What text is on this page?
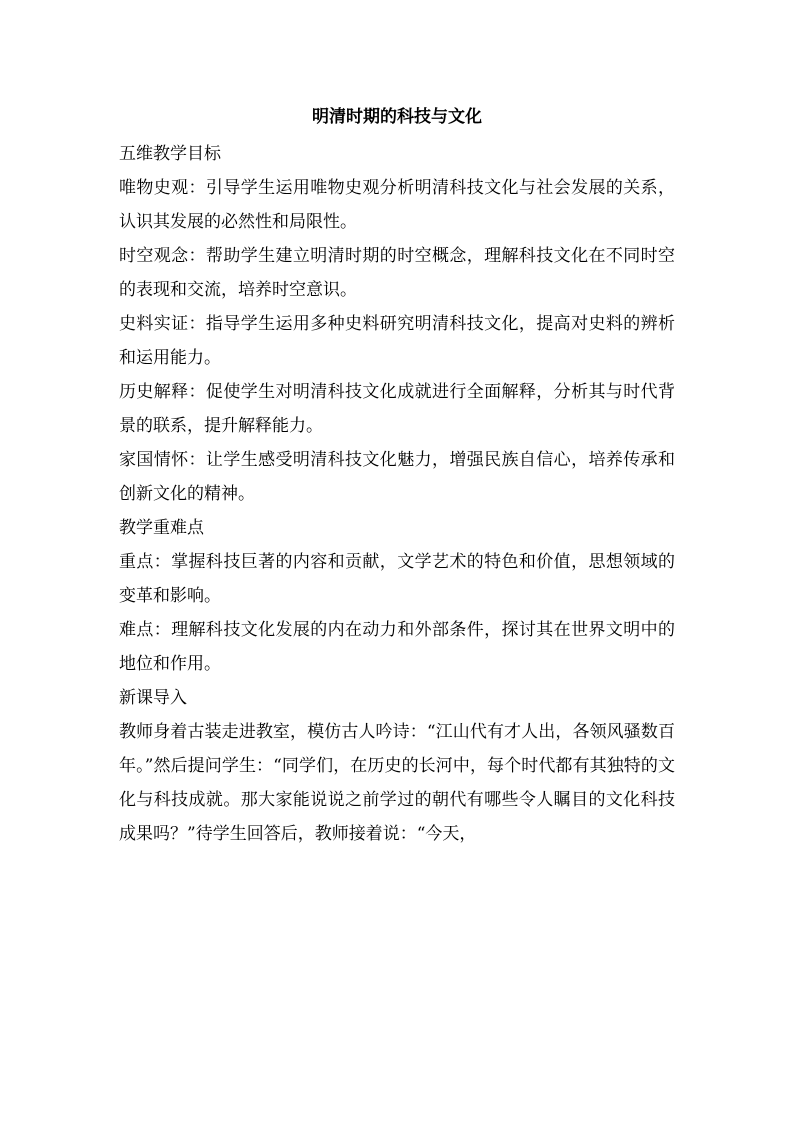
明清时期的科技与文化
五维教学目标

唯物史观：引导学生运用唯物史观分析明清科技文化与社会发展的关系，认识其发展的必然性和局限性。

时空观念：帮助学生建立明清时期的时空概念，理解科技文化在不同时空的表现和交流，培养时空意识。

史料实证：指导学生运用多种史料研究明清科技文化，提高对史料的辨析和运用能力。

历史解释：促使学生对明清科技文化成就进行全面解释，分析其与时代背景的联系，提升解释能力。

家国情怀：让学生感受明清科技文化魅力，增强民族自信心，培养传承和创新文化的精神。

教学重难点

重点：掌握科技巨著的内容和贡献，文学艺术的特色和价值，思想领域的变革和影响。

难点：理解科技文化发展的内在动力和外部条件，探讨其在世界文明中的地位和作用。

新课导入

教师身着古装走进教室，模仿古人吟诗：“江山代有才人出，各领风骚数百年。”然后提问学生：“同学们，在历史的长河中，每个时代都有其独特的文化与科技成就。那大家能说说之前学过的朝代有哪些令人瞩目的文化科技成果吗？”待学生回答后，教师接着说：“今天，
